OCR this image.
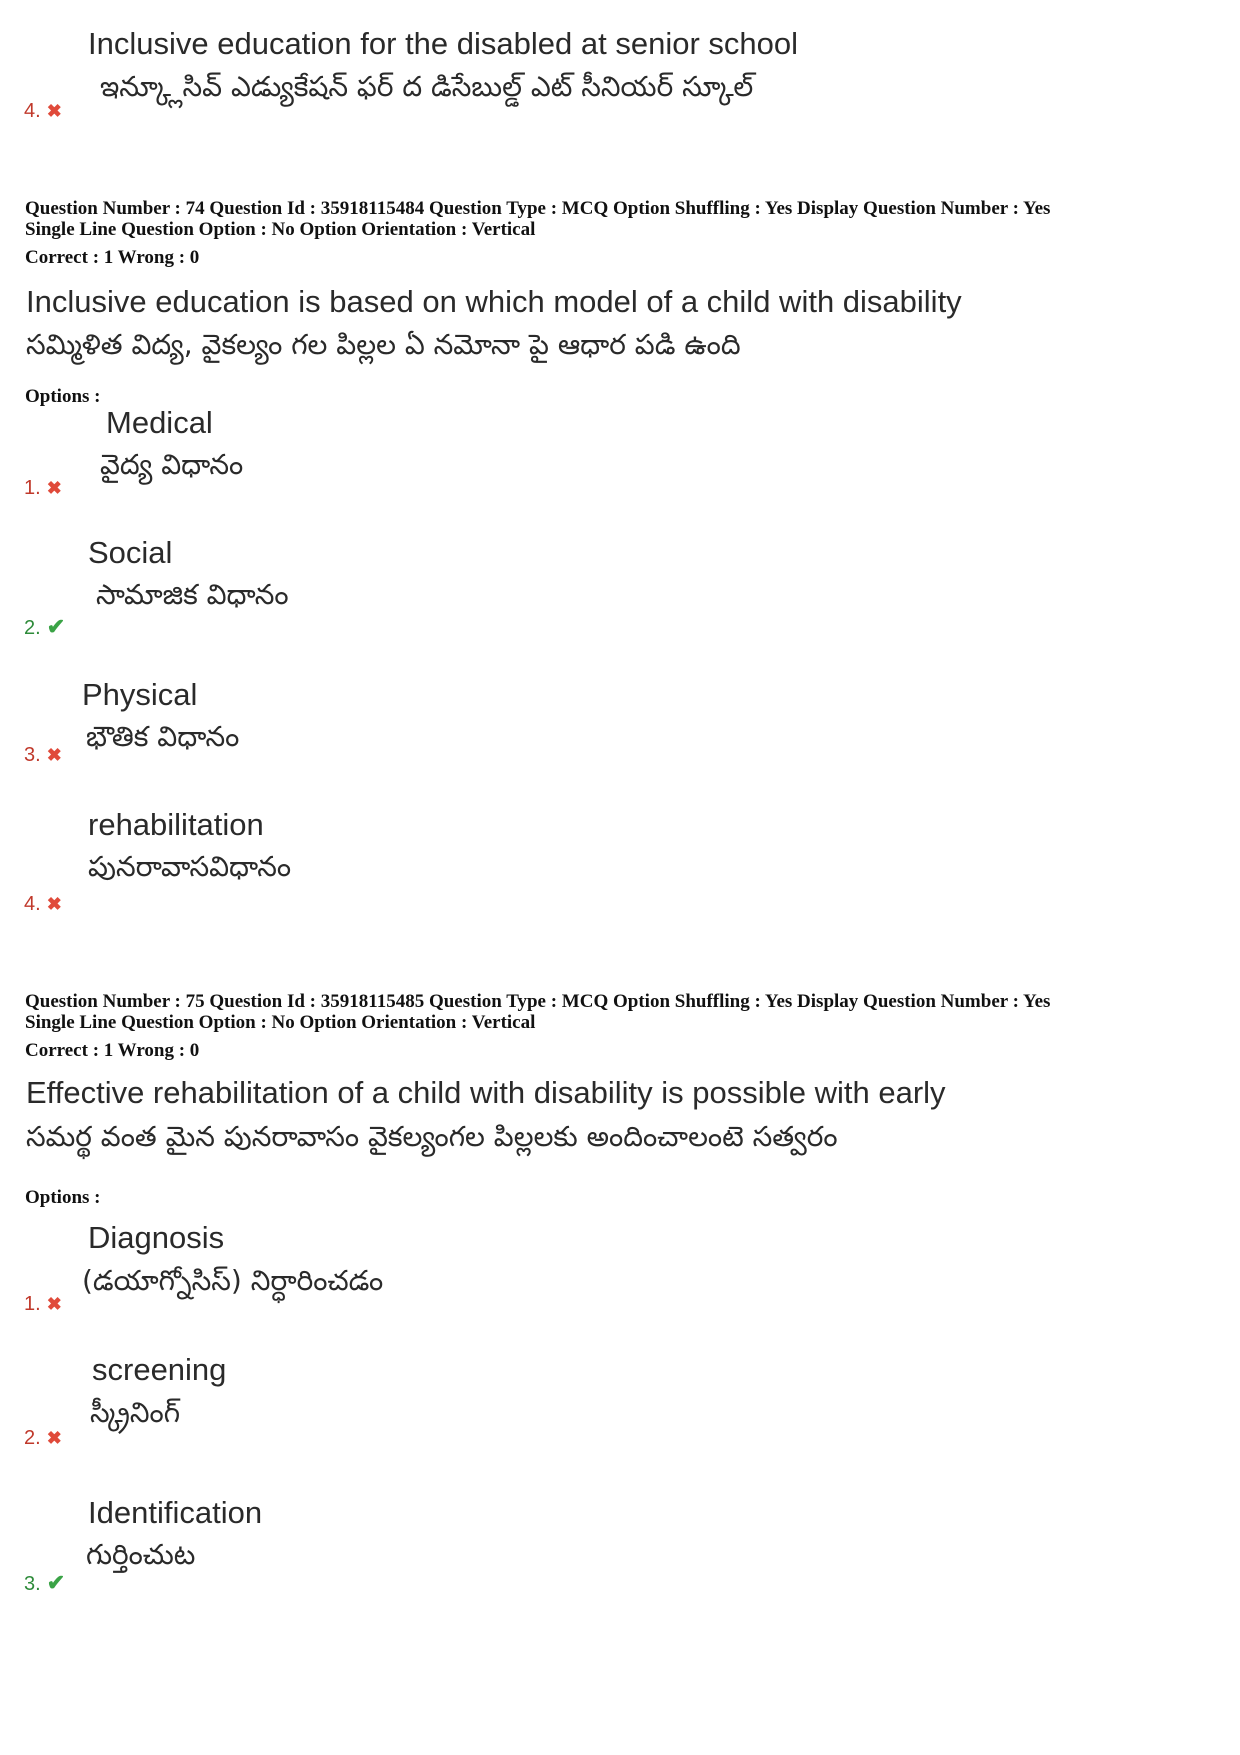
Inclusive education for the disabled at senior school
ఇన్క్లూసివ్ ఎడ్యుకేషన్ ఫర్ ద డిసేబుల్డ్ ఎట్ సీనియర్ స్కూల్
4. ✖
Question Number : 74 Question Id : 35918115484 Question Type : MCQ Option Shuffling : Yes Display Question Number : Yes
Single Line Question Option : No Option Orientation : Vertical
Correct : 1 Wrong : 0
Inclusive education is based on which model of a child with disability
సమ్మిళిత విద్య, వైకల్యం గల పిల్లల ఏ నమోనా పై ఆధార పడి ఉంది
Options :
Medical
వైద్య విధానం
1. ✖
Social
సామాజిక విధానం
2. ✔
Physical
భౌతిక విధానం
3. ✖
rehabilitation
పునరావాసవిధానం
4. ✖
Question Number : 75 Question Id : 35918115485 Question Type : MCQ Option Shuffling : Yes Display Question Number : Yes
Single Line Question Option : No Option Orientation : Vertical
Correct : 1 Wrong : 0
Effective rehabilitation of a child with disability is possible with early
సమర్థ వంత మైన పునరావాసం వైకల్యంగల పిల్లలకు అందించాలంటె సత్వరం
Options :
Diagnosis
(డయాగ్నోసిస్) నిర్ధారించడం
1. ✖
screening
స్క్రీనింగ్
2. ✖
Identification
గుర్తించుట
3. ✔
